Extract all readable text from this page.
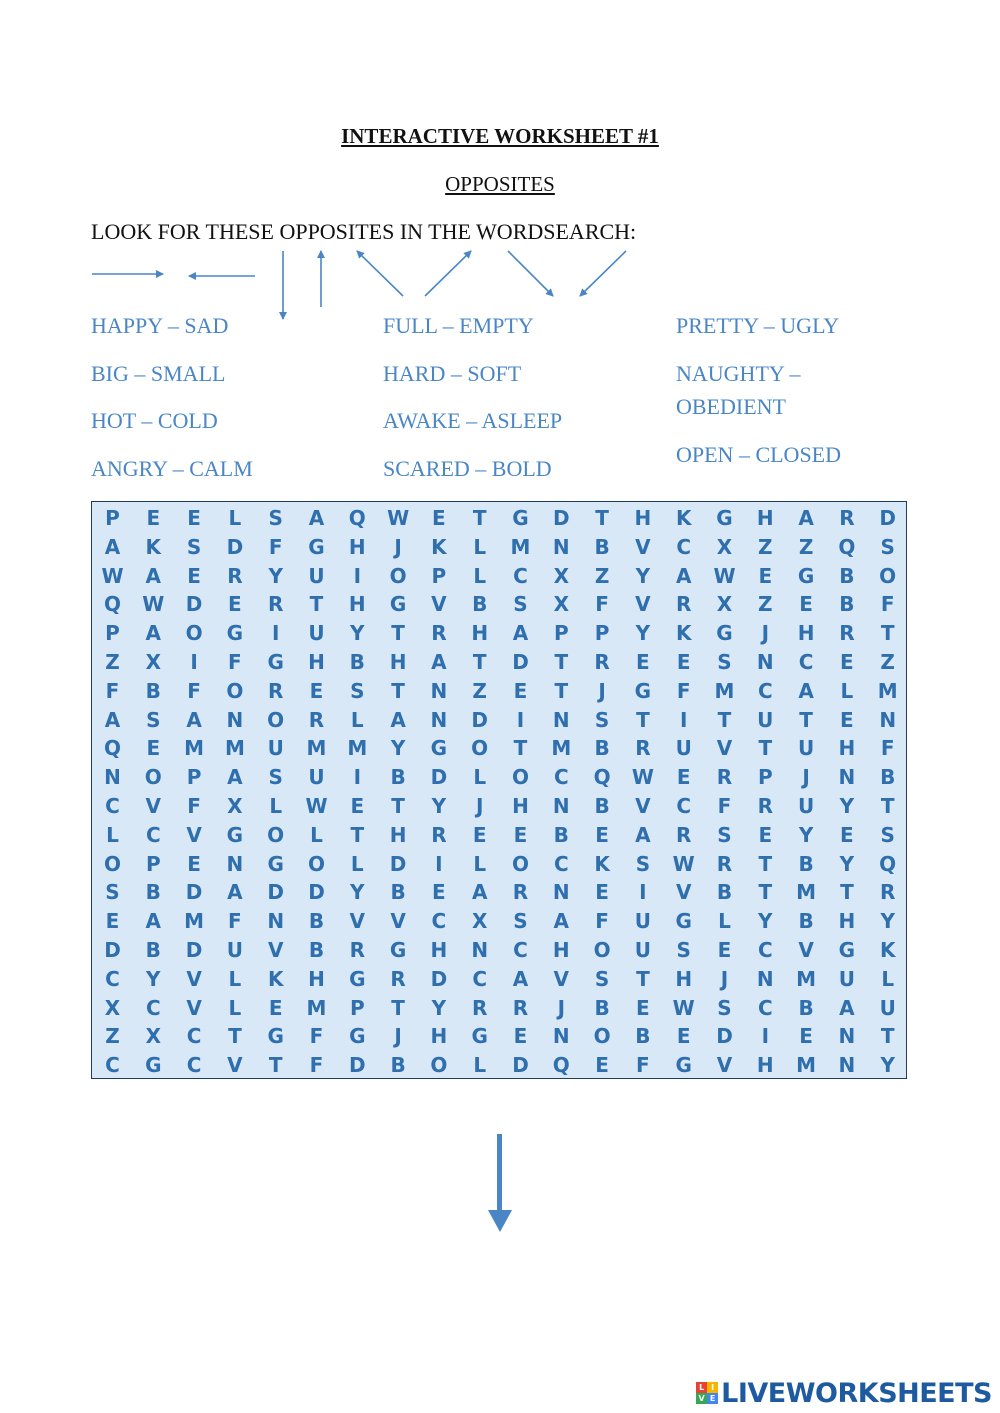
INTERACTIVE WORKSHEET #1
OPPOSITES
LOOK FOR THESE OPPOSITES IN THE WORDSEARCH:
HAPPY – SAD
BIG – SMALL
HOT – COLD
ANGRY – CALM
FULL – EMPTY
HARD – SOFT
AWAKE – ASLEEP
SCARED – BOLD
PRETTY – UGLY
NAUGHTY –
OBEDIENT
OPEN – CLOSED
P	E	E	L	S	A	Q	W	E	T	G	D	T	H	K	G	H	A	R	D
A	K	S	D	F	G	H	J	K	L	M	N	B	V	C	X	Z	Z	Q	S
W	A	E	R	Y	U	I	O	P	L	C	X	Z	Y	A	W	E	G	B	O
Q	W	D	E	R	T	H	G	V	B	S	X	F	V	R	X	Z	E	B	F
P	A	O	G	I	U	Y	T	R	H	A	P	P	Y	K	G	J	H	R	T
Z	X	I	F	G	H	B	H	A	T	D	T	R	E	E	S	N	C	E	Z
F	B	F	O	R	E	S	T	N	Z	E	T	J	G	F	M	C	A	L	M
A	S	A	N	O	R	L	A	N	D	I	N	S	T	I	T	U	T	E	N
Q	E	M	M	U	M	M	Y	G	O	T	M	B	R	U	V	T	U	H	F
N	O	P	A	S	U	I	B	D	L	O	C	Q	W	E	R	P	J	N	B
C	V	F	X	L	W	E	T	Y	J	H	N	B	V	C	F	R	U	Y	T
L	C	V	G	O	L	T	H	R	E	E	B	E	A	R	S	E	Y	E	S
O	P	E	N	G	O	L	D	I	L	O	C	K	S	W	R	T	B	Y	Q
S	B	D	A	D	D	Y	B	E	A	R	N	E	I	V	B	T	M	T	R
E	A	M	F	N	B	V	V	C	X	S	A	F	U	G	L	Y	B	H	Y
D	B	D	U	V	B	R	G	H	N	C	H	O	U	S	E	C	V	G	K
C	Y	V	L	K	H	G	R	D	C	A	V	S	T	H	J	N	M	U	L
X	C	V	L	E	M	P	T	Y	R	R	J	B	E	W	S	C	B	A	U
Z	X	C	T	G	F	G	J	H	G	E	N	O	B	E	D	I	E	N	T
C	G	C	V	T	F	D	B	O	L	D	Q	E	F	G	V	H	M	N	Y
L I
V E LIVEWORKSHEETS
